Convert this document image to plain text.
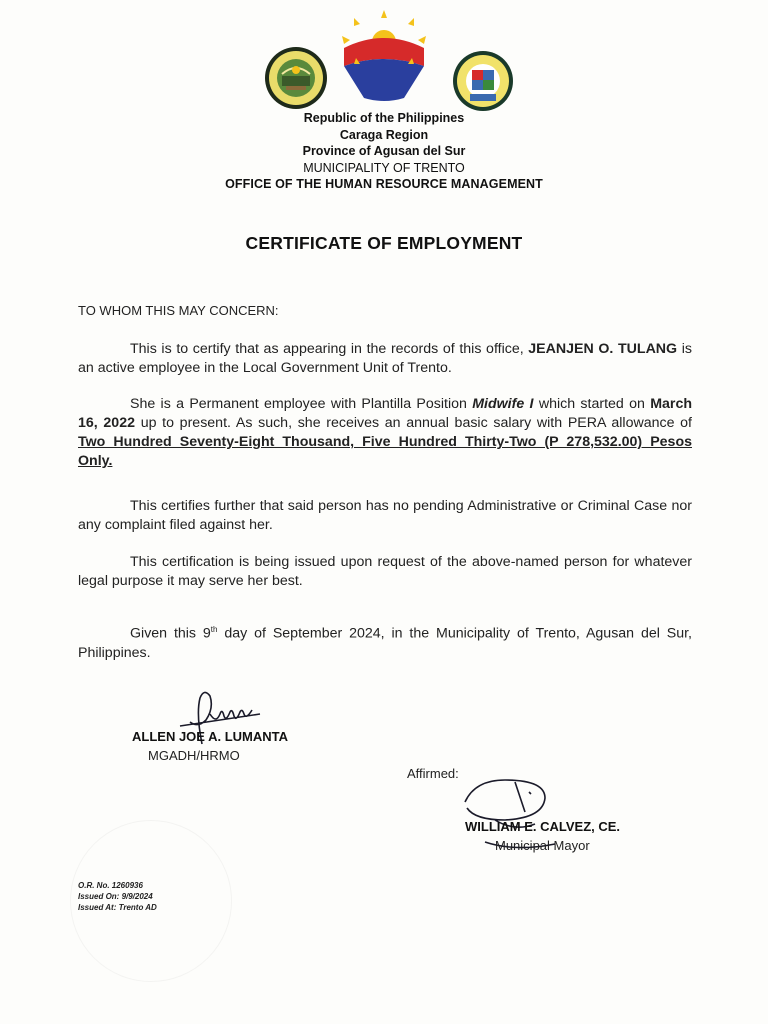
Republic of the Philippines
Caraga Region
Province of Agusan del Sur
MUNICIPALITY OF TRENTO
OFFICE OF THE HUMAN RESOURCE MANAGEMENT
CERTIFICATE OF EMPLOYMENT
TO WHOM THIS MAY CONCERN:
This is to certify that as appearing in the records of this office, JEANJEN O. TULANG is an active employee in the Local Government Unit of Trento.
She is a Permanent employee with Plantilla Position Midwife I which started on March 16, 2022 up to present. As such, she receives an annual basic salary with PERA allowance of Two Hundred Seventy-Eight Thousand, Five Hundred Thirty-Two (P 278,532.00) Pesos Only.
This certifies further that said person has no pending Administrative or Criminal Case nor any complaint filed against her.
This certification is being issued upon request of the above-named person for whatever legal purpose it may serve her best.
Given this 9th day of September 2024, in the Municipality of Trento, Agusan del Sur, Philippines.
ALLEN JOE A. LUMANTA
MGADH/HRMO
Affirmed:
WILLIAM E. CALVEZ, CE.
Municipal Mayor
O.R. No. 1260936
Issued On: 9/9/2024
Issued At: Trento AD
